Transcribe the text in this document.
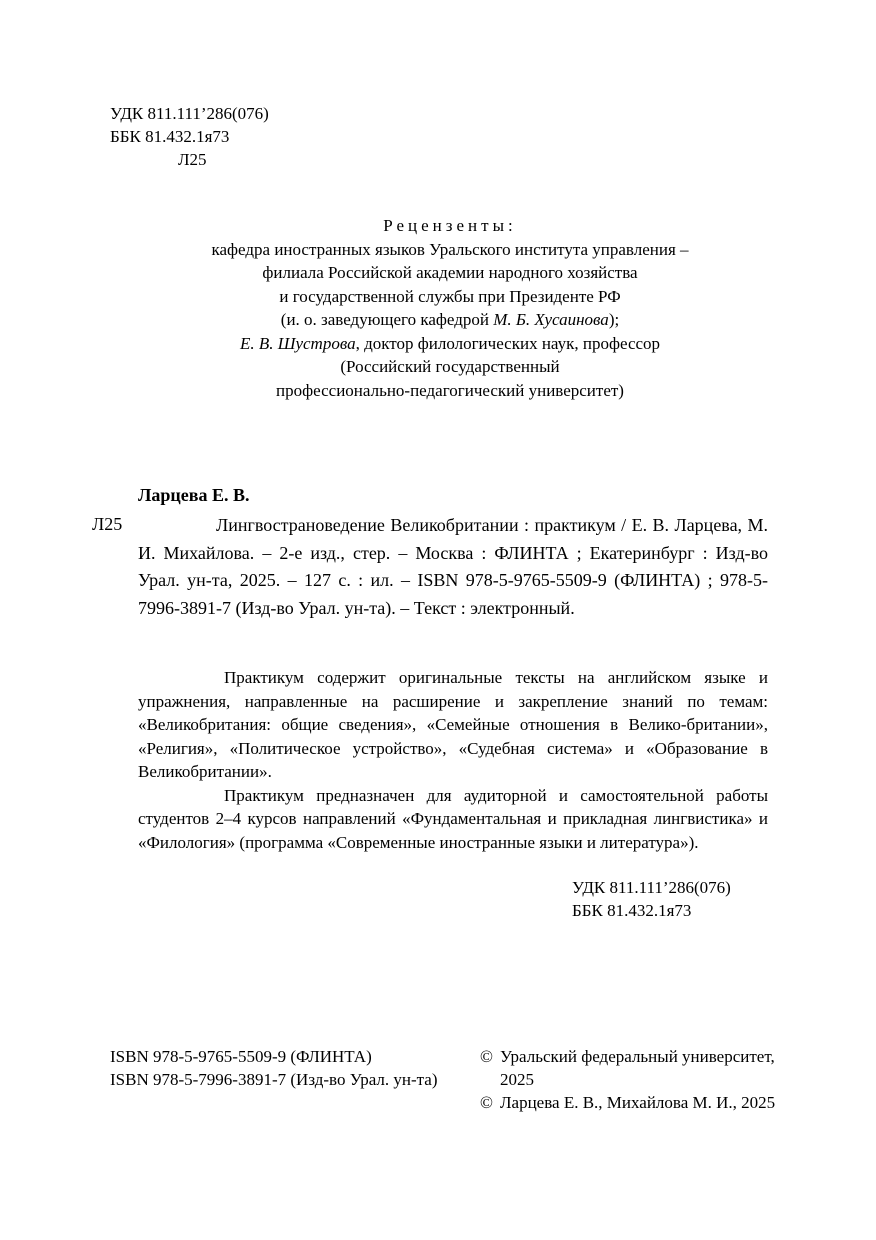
УДК 811.111’286(076)
ББК 81.432.1я73
Л25
Рецензенты:
кафедра иностранных языков Уральского института управления –
филиала Российской академии народного хозяйства
и государственной службы при Президенте РФ
(и. о. заведующего кафедрой М. Б. Хусаинова);
Е. В. Шустрова, доктор филологических наук, профессор
(Российский государственный
профессионально-педагогический университет)
Ларцева Е. В.
Л25	Лингвострановедение Великобритании : практикум / Е. В. Ларцева, М. И. Михайлова. – 2-е изд., стер. – Москва : ФЛИНТА ; Екатеринбург : Изд-во Урал. ун-та, 2025. – 127 с. : ил. – ISBN 978-5-9765-5509-9 (ФЛИНТА) ; 978-5-7996-3891-7 (Изд-во Урал. ун-та). – Текст : электронный.

Практикум содержит оригинальные тексты на английском языке и упражнения, направленные на расширение и закрепление знаний по темам: «Великобритания: общие сведения», «Семейные отношения в Велико-британии», «Религия», «Политическое устройство», «Судебная система» и «Образование в Великобритании».

Практикум предназначен для аудиторной и самостоятельной работы студентов 2–4 курсов направлений «Фундаментальная и прикладная лингвистика» и «Филология» (программа «Современные иностранные языки и литература»).

УДК 811.111’286(076)
ББК 81.432.1я73
ISBN 978-5-9765-5509-9 (ФЛИНТА)
ISBN 978-5-7996-3891-7 (Изд-во Урал. ун-та)
© Уральский федеральный университет, 2025
© Ларцева Е. В., Михайлова М. И., 2025
